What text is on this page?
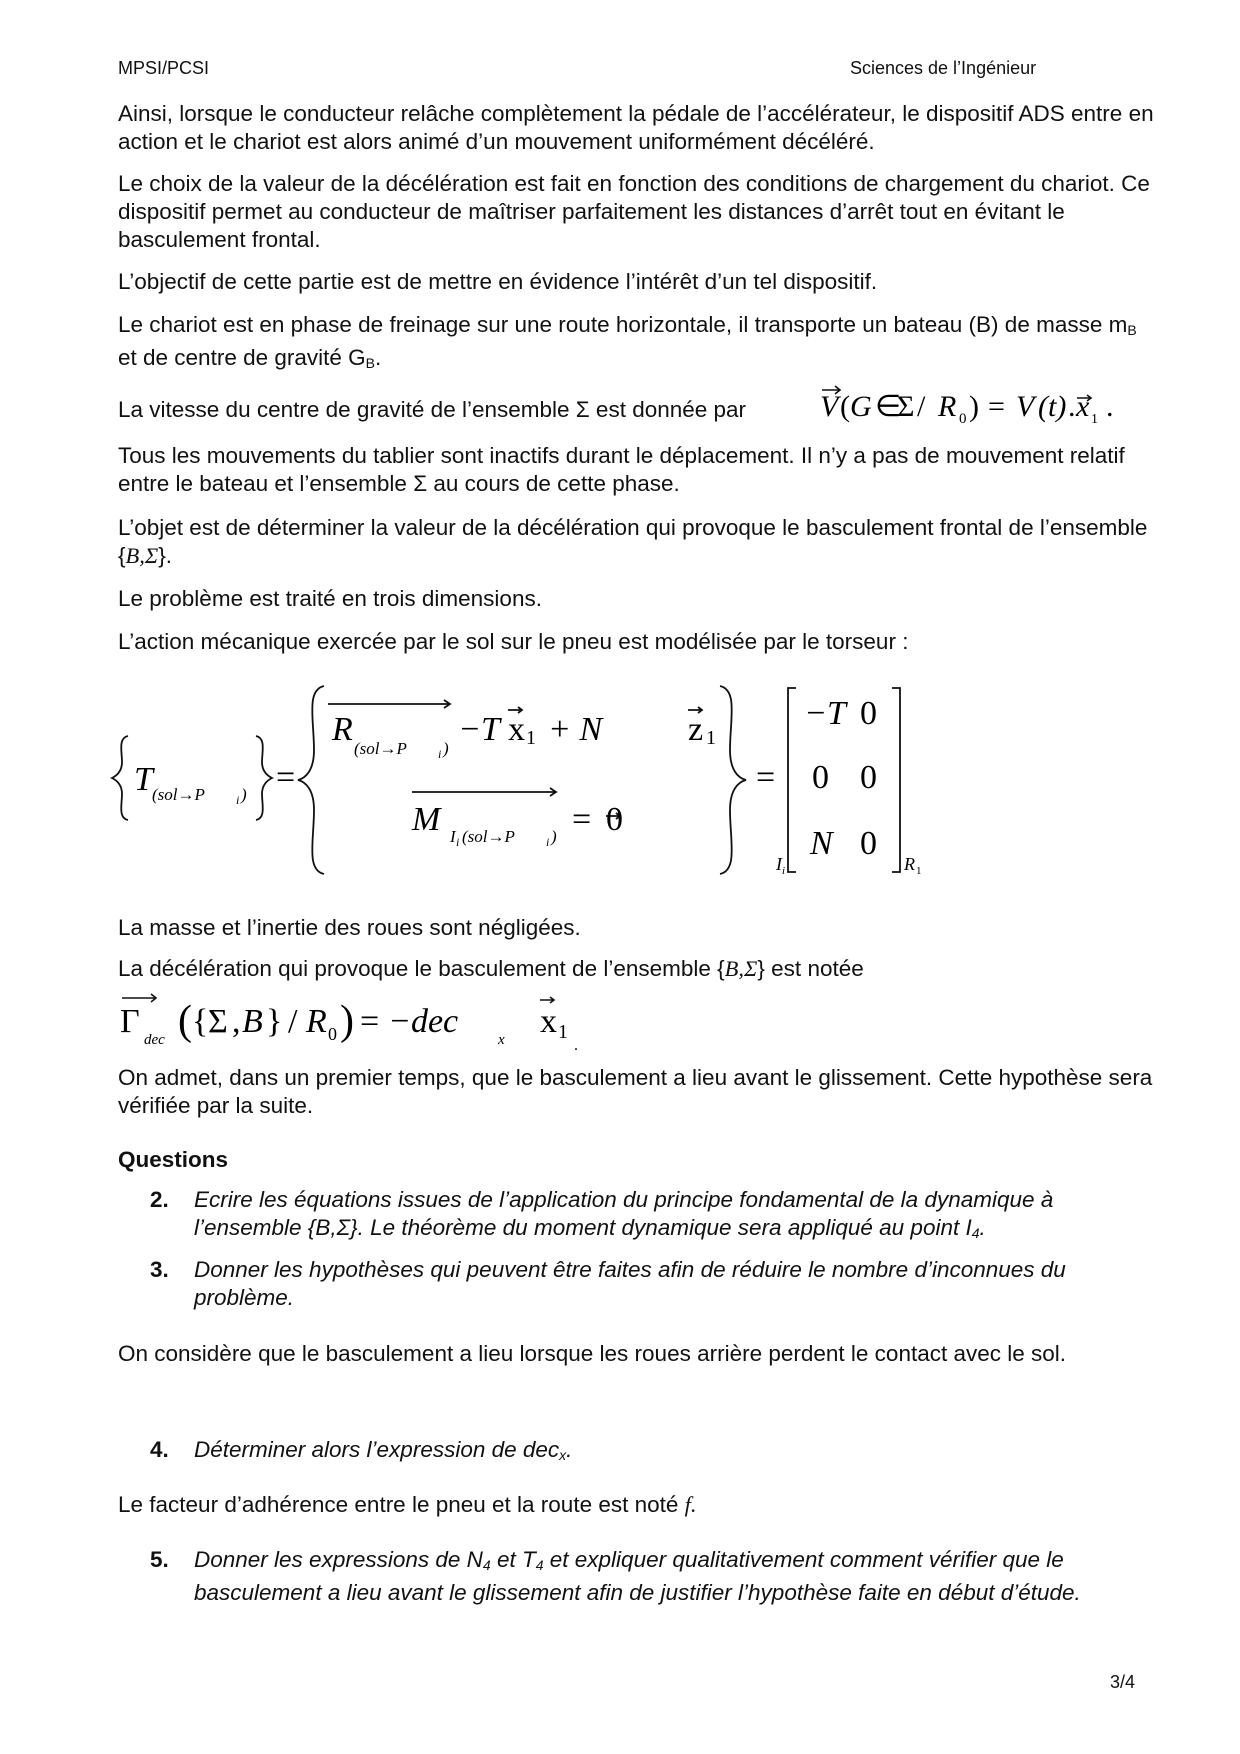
MPSI/PCSI	Sciences de l’Ingénieur

Ainsi, lorsque le conducteur relâche complètement la pédale de l’accélérateur, le dispositif ADS entre en action et le chariot est alors animé d’un mouvement uniformément décéléré.

Le choix de la valeur de la décélération est fait en fonction des conditions de chargement du chariot. Ce dispositif permet au conducteur de maîtriser parfaitement les distances d’arrêt tout en évitant le basculement frontal.

L’objectif de cette partie est de mettre en évidence l’intérêt d’un tel dispositif.

Le chariot est en phase de freinage sur une route horizontale, il transporte un bateau (B) de masse $m_B$ et de centre de gravité $G_B$.

La vitesse du centre de gravité de l’ensemble Σ est donnée par	V ( G ∈
Σ / R 0 ) = V (t) . x 1 .

Tous les mouvements du tablier sont inactifs durant le déplacement. Il n’y a pas de mouvement relatif entre le bateau et l’ensemble Σ au cours de cette phase.

L’objet est de déterminer la valeur de la décélération qui provoque le basculement frontal de l’ensemble {B,Σ}.

Le problème est traité en trois dimensions.

L’action mécanique exercée par le sol sur le pneu est modélisée par le torseur :

T (sol→P	i ) =
R
(sol→P	i )
−T x 1 + N	z 1
M I i (sol→P	i ) = 0
=
−T 0
0 0
N 0
I i	R 1

La masse et l’inertie des roues sont négligées.

La décélération qui provoque le basculement de l’ensemble {B,Σ} est notée

Γ dec ( { Σ , B } / R 0 ) = −dec	x x 1
.

On admet, dans un premier temps, que le basculement a lieu avant le glissement. Cette hypothèse sera vérifiée par la suite.

Questions

2. Ecrire les équations issues de l’application du principe fondamental de la dynamique à l’ensemble {B,Σ}. Le théorème du moment dynamique sera appliqué au point $I_4$.
3. Donner les hypothèses qui peuvent être faites afin de réduire le nombre d’inconnues du problème.

On considère que le basculement a lieu lorsque les roues arrière perdent le contact avec le sol.

4. Déterminer alors l’expression de dec$_x$.

Le facteur d’adhérence entre le pneu et la route est noté f.

5. Donner les expressions de $N_4$ et $T_4$ et expliquer qualitativement comment vérifier que le basculement a lieu avant le glissement afin de justifier l’hypothèse faite en début d’étude.
3/4
